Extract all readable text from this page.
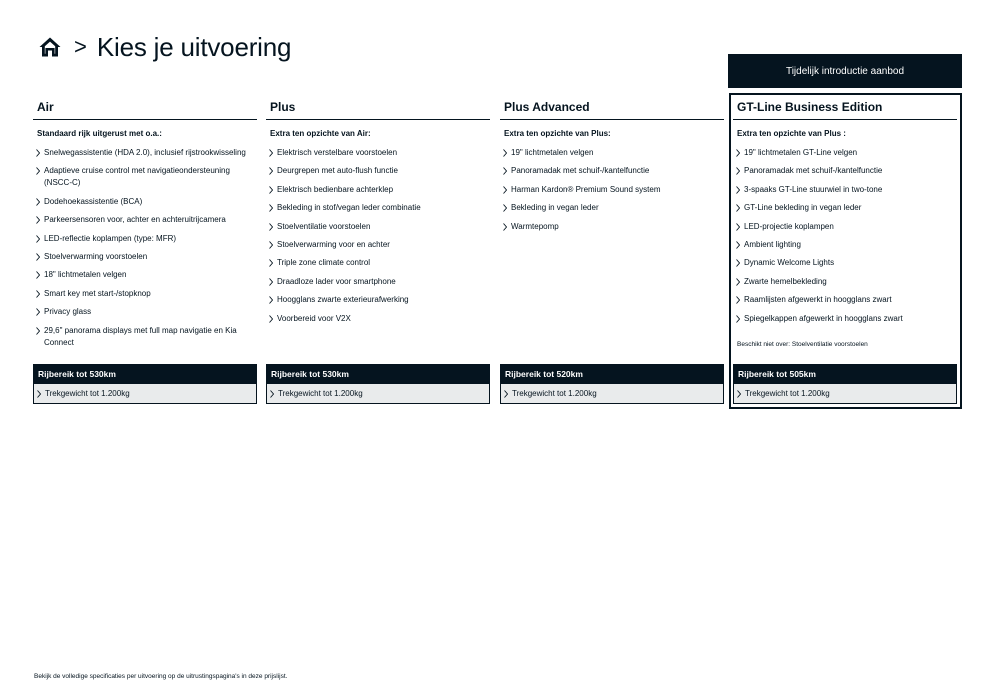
> Kies je uitvoering
Tijdelijk introductie aanbod
Air
Standaard rijk uitgerust met o.a.:
Snelwegassistentie (HDA 2.0), inclusief rijstrookwisseling
Adaptieve cruise control met navigatieondersteuning (NSCC-C)
Dodehoekassistentie (BCA)
Parkeersensoren voor, achter en achteruitrijcamera
LED-reflectie koplampen (type: MFR)
Stoelverwarming voorstoelen
18" lichtmetalen velgen
Smart key met start-/stopknop
Privacy glass
29,6" panorama displays met full map navigatie en Kia Connect
Rijbereik tot 530km
Trekgewicht tot 1.200kg
Plus
Extra ten opzichte van Air:
Elektrisch verstelbare voorstoelen
Deurgrepen met auto-flush functie
Elektrisch bedienbare achterklep
Bekleding in stof/vegan leder combinatie
Stoelventilatie voorstoelen
Stoelverwarming voor en achter
Triple zone climate control
Draadloze lader voor smartphone
Hoogglans zwarte exterieurafwerking
Voorbereid voor V2X
Rijbereik tot 530km
Trekgewicht tot 1.200kg
Plus Advanced
Extra ten opzichte van Plus:
19" lichtmetalen velgen
Panoramadak met schuif-/kantelfunctie
Harman Kardon® Premium Sound system
Bekleding in vegan leder
Warmtepomp
Rijbereik tot 520km
Trekgewicht tot 1.200kg
GT-Line Business Edition
Extra ten opzichte van Plus :
19" lichtmetalen GT-Line velgen
Panoramadak met schuif-/kantelfunctie
3-spaaks GT-Line stuurwiel in two-tone
GT-Line bekleding in vegan leder
LED-projectie koplampen
Ambient lighting
Dynamic Welcome Lights
Zwarte hemelbekleding
Raamlijsten afgewerkt in hoogglans zwart
Spiegelkappen afgewerkt in hoogglans zwart
Beschikt niet over: Stoelventilatie voorstoelen
Rijbereik tot 505km
Trekgewicht tot 1.200kg
Bekijk de volledige specificaties per uitvoering op de uitrustingspagina's in deze prijslijst.
